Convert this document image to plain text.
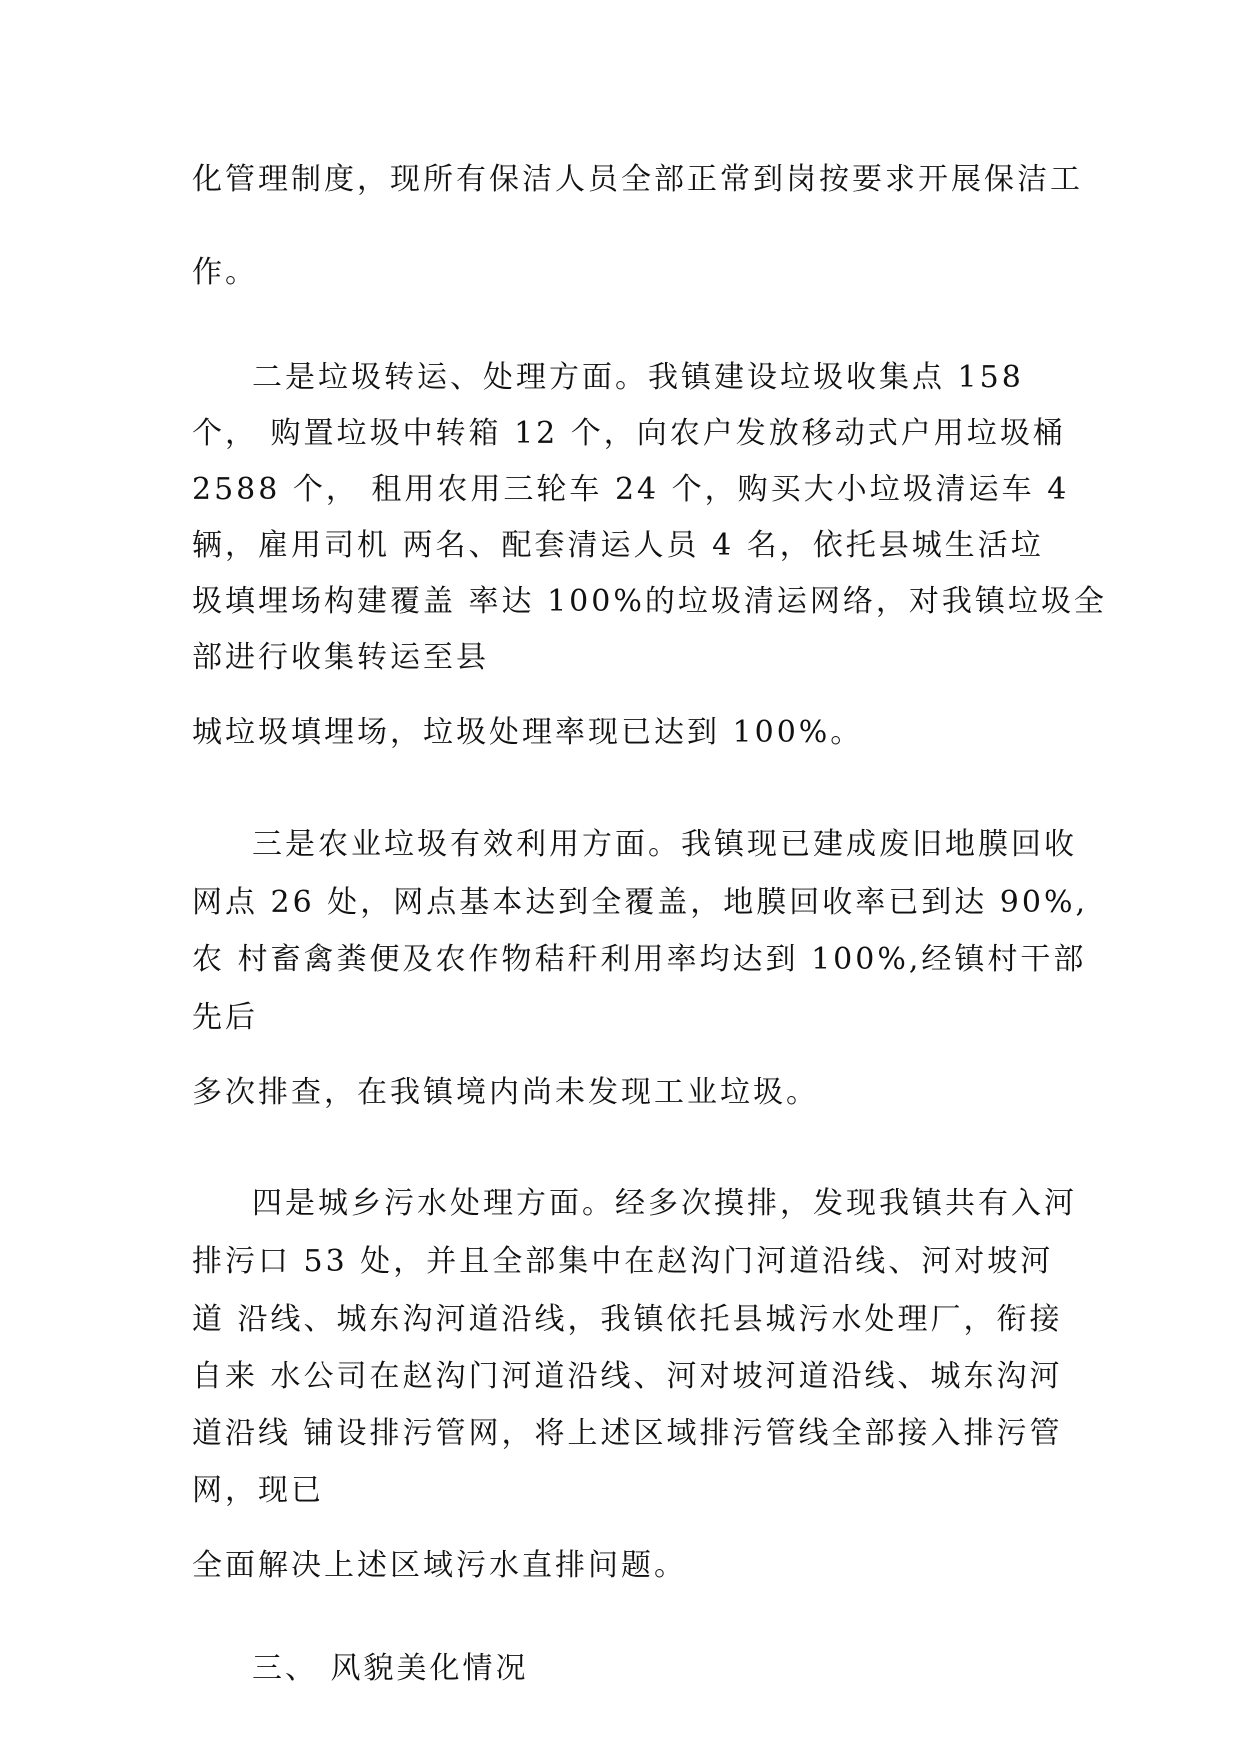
化管理制度，现所有保洁人员全部正常到岗按要求开展保洁工
作。
二是垃圾转运、处理方面。我镇建设垃圾收集点 158
个， 购置垃圾中转箱 12 个，向农户发放移动式户用垃圾桶
2588 个， 租用农用三轮车 24 个，购买大小垃圾清运车 4
辆，雇用司机 两名、配套清运人员 4 名，依托县城生活垃
圾填埋场构建覆盖 率达 100%的垃圾清运网络，对我镇垃圾全
部进行收集转运至县
城垃圾填埋场，垃圾处理率现已达到 100%。
三是农业垃圾有效利用方面。我镇现已建成废旧地膜回收
网点 26 处，网点基本达到全覆盖，地膜回收率已到达 90%,
农 村畜禽粪便及农作物秸秆利用率均达到 100%,经镇村干部
先后
多次排查，在我镇境内尚未发现工业垃圾。
四是城乡污水处理方面。经多次摸排，发现我镇共有入河
排污口 53 处，并且全部集中在赵沟门河道沿线、河对坡河
道 沿线、城东沟河道沿线，我镇依托县城污水处理厂，衔接
自来 水公司在赵沟门河道沿线、河对坡河道沿线、城东沟河
道沿线 铺设排污管网，将上述区域排污管线全部接入排污管
网，现已
全面解决上述区域污水直排问题。
三、 风貌美化情况
